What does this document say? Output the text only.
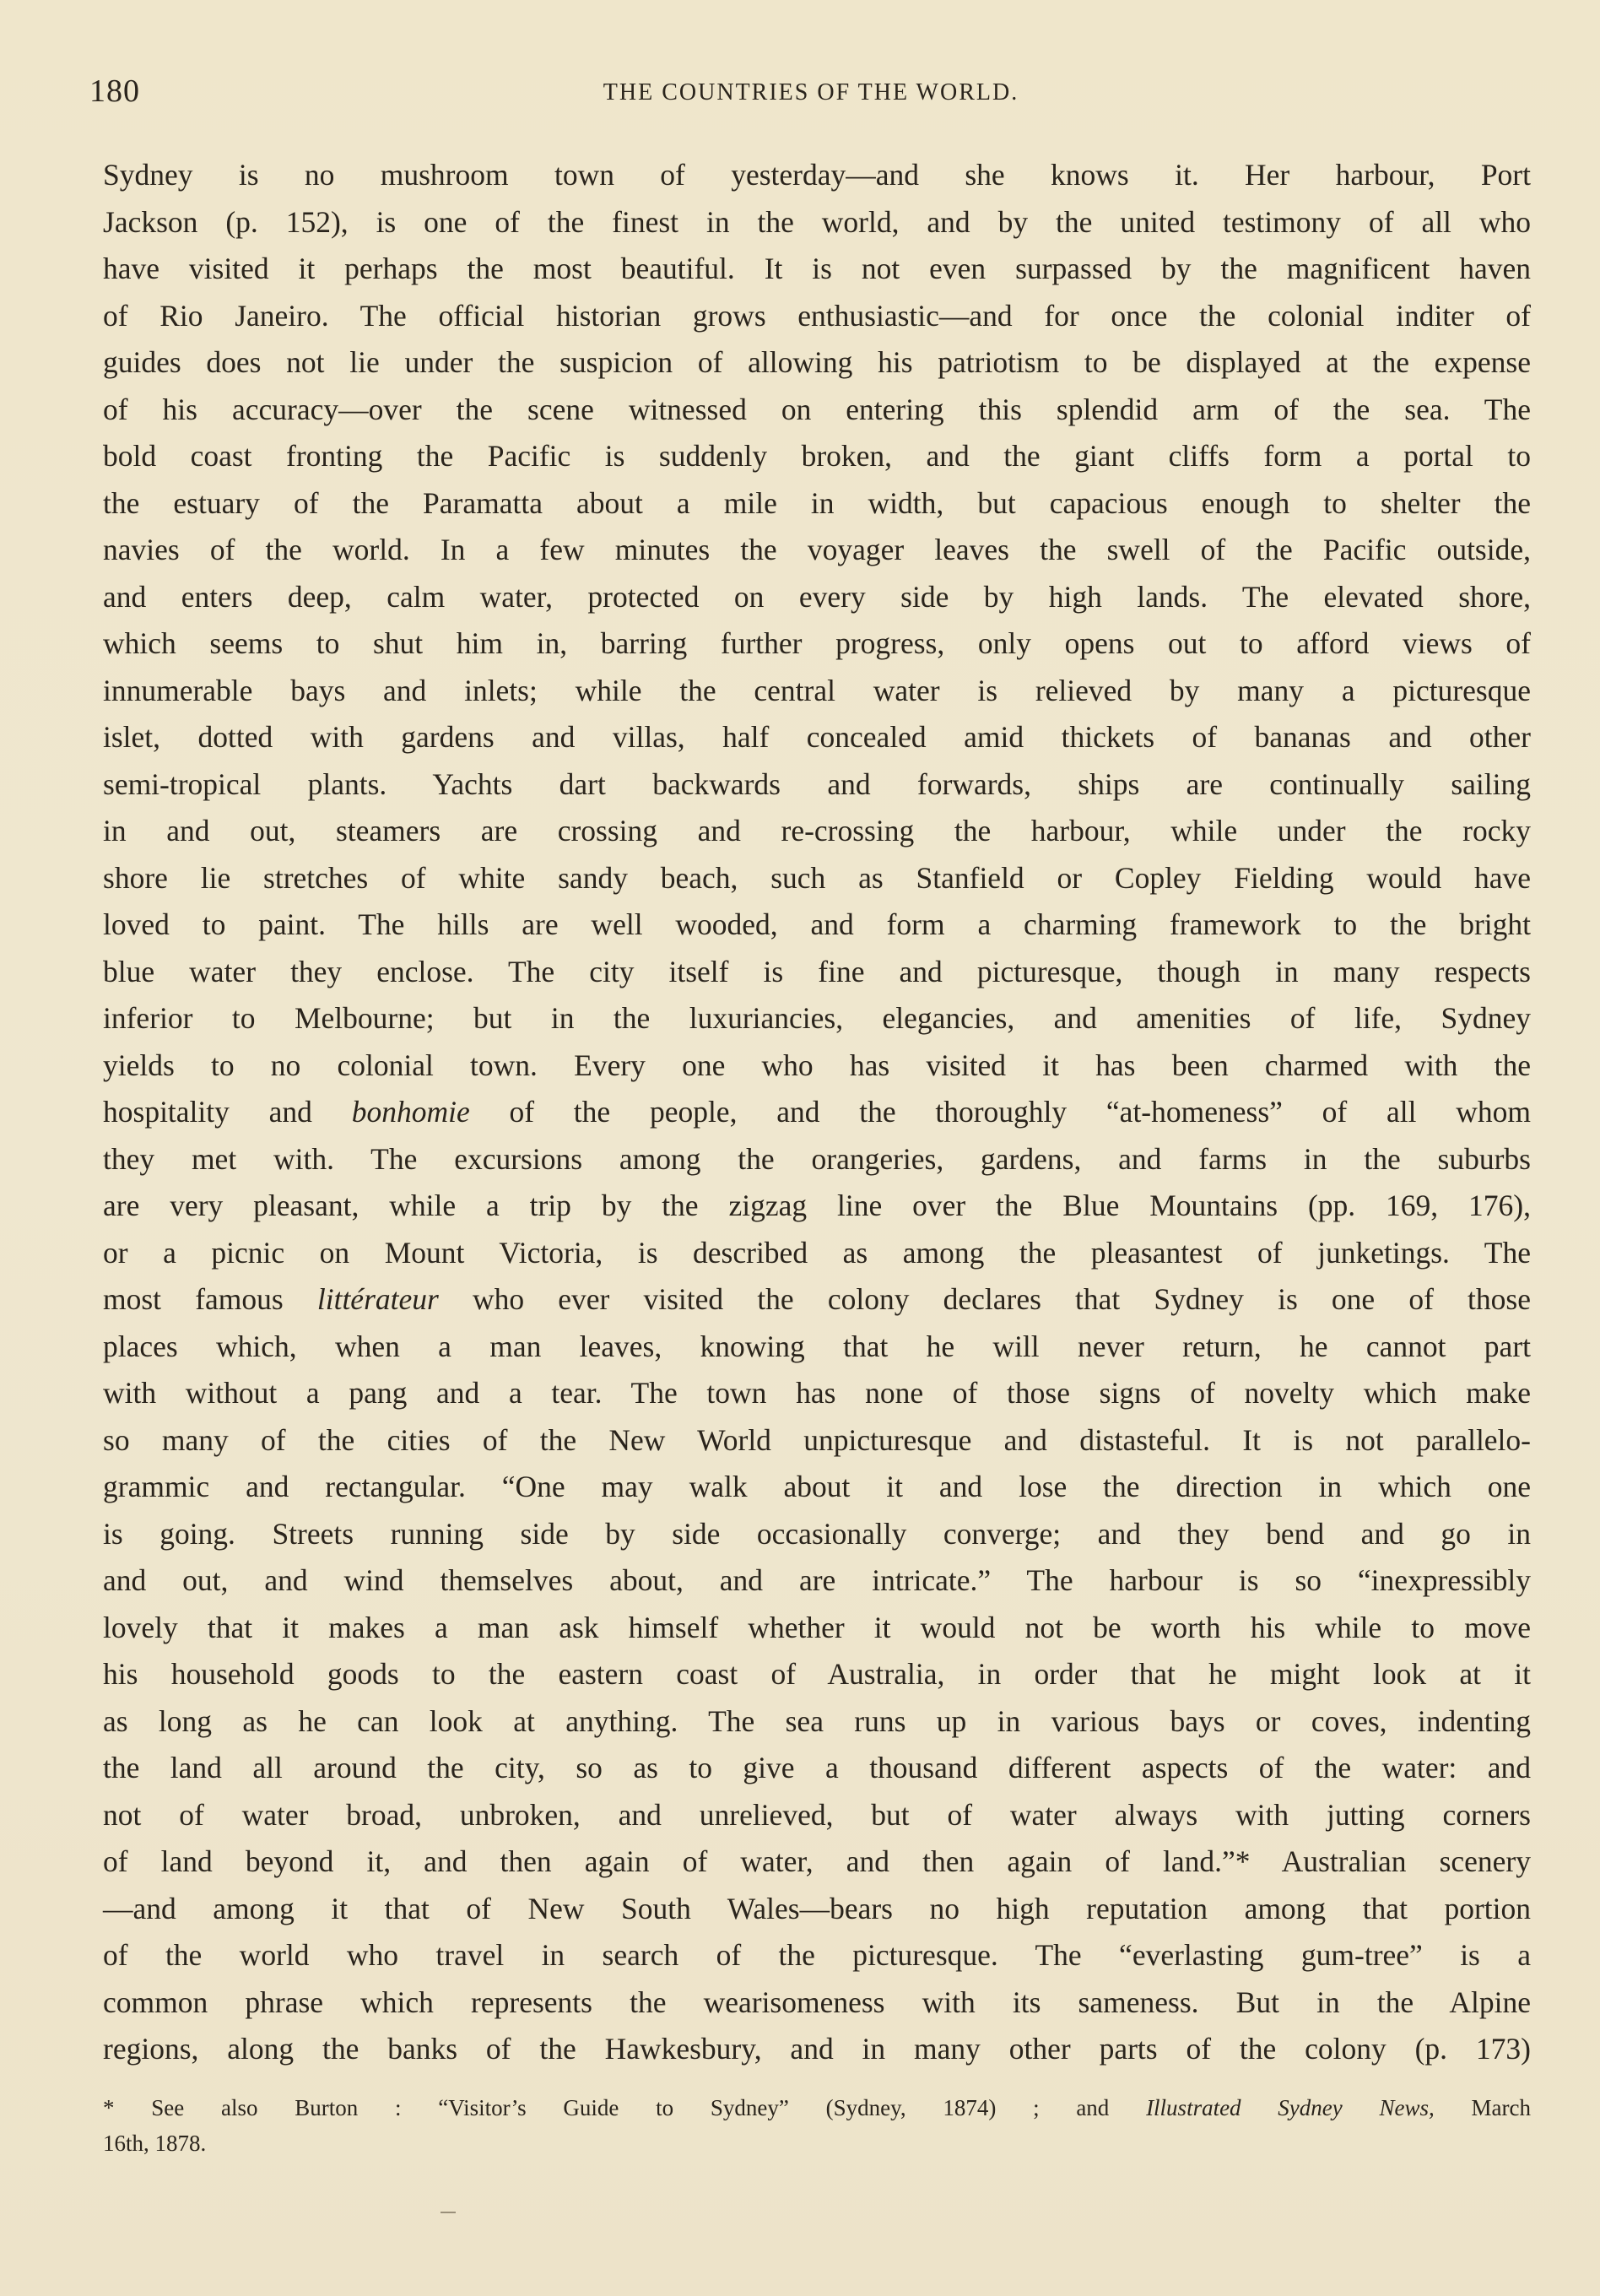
180	THE COUNTRIES OF THE WORLD.
Sydney is no mushroom town of yesterday—and she knows it. Her harbour, Port
Jackson (p. 152), is one of the finest in the world, and by the united testimony of all who
have visited it perhaps the most beautiful. It is not even surpassed by the magnificent haven
of Rio Janeiro. The official historian grows enthusiastic—and for once the colonial inditer of
guides does not lie under the suspicion of allowing his patriotism to be displayed at the expense
of his accuracy—over the scene witnessed on entering this splendid arm of the sea. The
bold coast fronting the Pacific is suddenly broken, and the giant cliffs form a portal to
the estuary of the Paramatta about a mile in width, but capacious enough to shelter the
navies of the world. In a few minutes the voyager leaves the swell of the Pacific outside,
and enters deep, calm water, protected on every side by high lands. The elevated shore,
which seems to shut him in, barring further progress, only opens out to afford views of
innumerable bays and inlets; while the central water is relieved by many a picturesque
islet, dotted with gardens and villas, half concealed amid thickets of bananas and other
semi-tropical plants. Yachts dart backwards and forwards, ships are continually sailing
in and out, steamers are crossing and re-crossing the harbour, while under the rocky
shore lie stretches of white sandy beach, such as Stanfield or Copley Fielding would have
loved to paint. The hills are well wooded, and form a charming framework to the bright
blue water they enclose. The city itself is fine and picturesque, though in many respects
inferior to Melbourne; but in the luxuriancies, elegancies, and amenities of life, Sydney
yields to no colonial town. Every one who has visited it has been charmed with the
hospitality and bonhomie of the people, and the thoroughly “at-homeness” of all whom
they met with. The excursions among the orangeries, gardens, and farms in the suburbs
are very pleasant, while a trip by the zigzag line over the Blue Mountains (pp. 169, 176),
or a picnic on Mount Victoria, is described as among the pleasantest of junketings. The
most famous littérateur who ever visited the colony declares that Sydney is one of those
places which, when a man leaves, knowing that he will never return, he cannot part
with without a pang and a tear. The town has none of those signs of novelty which make
so many of the cities of the New World unpicturesque and distasteful. It is not parallelo-
grammic and rectangular. “One may walk about it and lose the direction in which one
is going. Streets running side by side occasionally converge; and they bend and go in
and out, and wind themselves about, and are intricate.” The harbour is so “inexpressibly
lovely that it makes a man ask himself whether it would not be worth his while to move
his household goods to the eastern coast of Australia, in order that he might look at it
as long as he can look at anything. The sea runs up in various bays or coves, indenting
the land all around the city, so as to give a thousand different aspects of the water: and
not of water broad, unbroken, and unrelieved, but of water always with jutting corners
of land beyond it, and then again of water, and then again of land.”* Australian scenery
—and among it that of New South Wales—bears no high reputation among that portion
of the world who travel in search of the picturesque. The “everlasting gum-tree” is a
common phrase which represents the wearisomeness with its sameness. But in the Alpine
regions, along the banks of the Hawkesbury, and in many other parts of the colony (p. 173)
* See also Burton : “Visitor’s Guide to Sydney” (Sydney, 1874) ; and Illustrated Sydney News, March
16th, 1878.
